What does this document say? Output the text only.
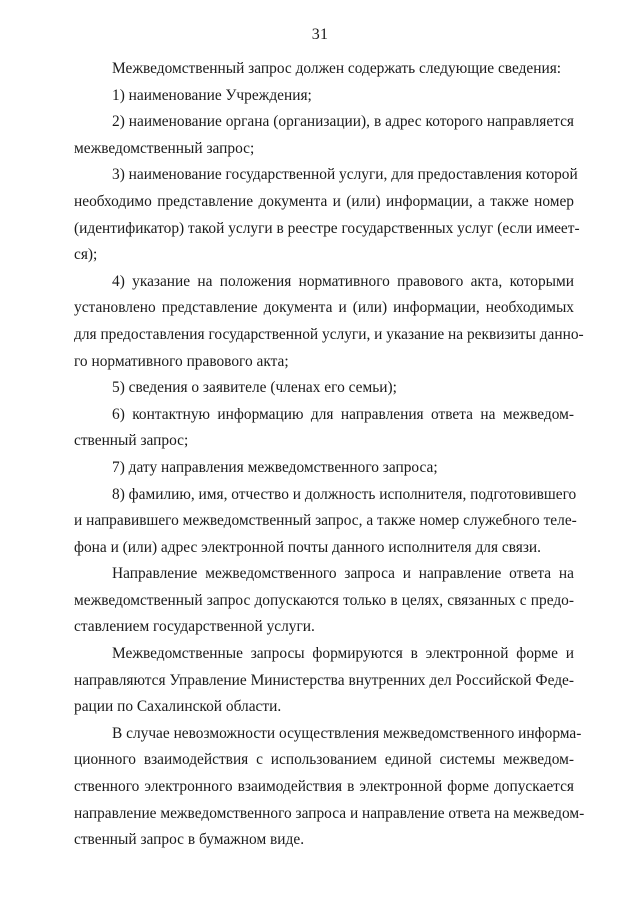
31
Межведомственный запрос должен содержать следующие сведения:
1) наименование Учреждения;
2) наименование органа (организации), в адрес которого направляется
межведомственный запрос;
3) наименование государственной услуги, для предоставления которой
необходимо представление документа и (или) информации, а также номер
(идентификатор) такой услуги в реестре государственных услуг (если имеет-
ся);
4) указание на положения нормативного правового акта, которыми
установлено представление документа и (или) информации, необходимых
для предоставления государственной услуги, и указание на реквизиты данно-
го нормативного правового акта;
5) сведения о заявителе (членах его семьи);
6) контактную информацию для направления ответа на межведом-
ственный запрос;
7) дату направления межведомственного запроса;
8) фамилию, имя, отчество и должность исполнителя, подготовившего
и направившего межведомственный запрос, а также номер служебного теле-
фона и (или) адрес электронной почты данного исполнителя для связи.
Направление межведомственного запроса и направление ответа на
межведомственный запрос допускаются только в целях, связанных с предо-
ставлением государственной услуги.
Межведомственные запросы формируются в электронной форме и
направляются Управление Министерства внутренних дел Российской Феде-
рации по Сахалинской области.
В случае невозможности осуществления межведомственного информа-
ционного взаимодействия с использованием единой системы межведом-
ственного электронного взаимодействия в электронной форме допускается
направление межведомственного запроса и направление ответа на межведом-
ственный запрос в бумажном виде.
